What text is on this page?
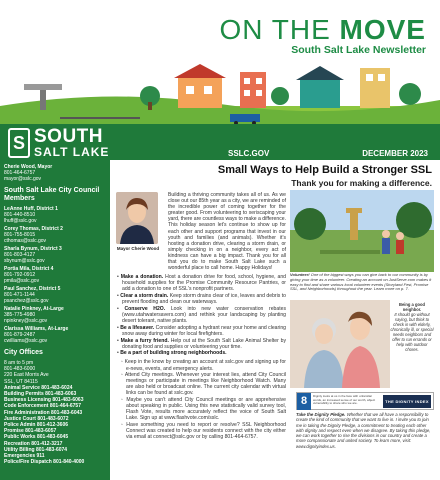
ON THE MOVE
South Salt Lake Newsletter
S SOUTH
SALT LAKE	SSLC.GOV	DECEMBER 2023
Cherie Wood, Mayor
801-464-6757
mayor@sslc.gov
South Salt Lake City Council Members
LeAnne Huff, District 1
801-440-8510
lhuff@sslc.gov
Corey Thomas, District 2
801-755-8015
cthomas@sslc.gov
Sharla Bynum, District 3
801-803-4127
sbynum@sslc.gov
Portia Mila, District 4
801-792-0912
pmila@sslc.gov
Paul Sanchez, District 5
801-471-1144
psanchez@sslc.gov
Natalie Pinkney, At-Large
385-775-4980
npinkney@sslc.gov
Clarissa Williams, At-Large
801-879-2487
cwilliams@sslc.gov
City Offices
8 am to 5 pm
801-483-6000
220 East Morris Ave
SSL, UT 84115
Animal Service 801-483-6024
Building Permits 801-483-6063
Business Licensing 801-483-6063
Code Enforcement 801-464-6757
Fire Administration 801-483-6043
Justice Court 801-483-6072
Police Admin 801-412-3606
Promise 801-483-6057
Public Works 801-483-6045
Recreation 801-412-3217
Utility Billing 801-483-6074
Emergencies 911
Police/Fire Dispatch 801-840-4000
Small Ways to Help Build a Stronger SSL
Thank you for making a difference.
Mayor Cherie Wood
Building a thriving community takes all of us. As we close out our 85th year as a city, we are reminded of the incredible power of coming together for the greater good. From volunteering to xeriscaping your yard, there are countless ways to make a difference. This holiday season let's continue to show up for each other and support programs that invest in our youth and families (and animals). Whether it's hosting a donation drive, clearing a storm drain, or simply checking in on a neighbor, every act of kindness can have a big impact. Thank you for all that you do to make South Salt Lake such a wonderful place to call home. Happy Holidays!
• Make a donation. Host a donation drive for food, school, hygiene, and household supplies for the Promise Community Resource Pantries, or add a donation to one of SSL's nonprofit partners.
• Clear a storm drain. Keep storm drains clear of ice, leaves and debris to prevent flooding and clean our waterways.
• Conserve H2O. Look into new water conservation rebates (www.utahwatersavers.com) and rethink your landscaping by planting desert tolerant, native plants.
• Be a lifesaver. Consider adopting a hydrant near your home and clearing snow away during winter for local firefighters.
• Make a furry friend. Help out at the South Salt Lake Animal Shelter by donating food and supplies or volunteering your time.
• Be a part of building strong neighborhoods.
◦ Keep in the know by creating an account at sslc.gov and signing up for e-news, events, and emergency alerts.
◦ Attend City meetings. Whenever your interest lies, attend City Council meetings or participate in meetings like Neighborhood Watch. Many are also held or broadcast online. The current city calendar with virtual links can be found at sslc.gov.
◦ Maybe you can't attend City Council meetings or are apprehensive about speaking in public. Using this new statistically valid survey tool, Flash Vote, results more accurately reflect the voice of South Salt Lake. Sign up at www.flashvote.com/sslc.
◦ Have something you need to report or resolve? SSL Neighborhood Connect was created to help our residents connect with the city either via email at connect@sslc.gov or by calling 801-464-6757.
Volunteer! One of the biggest ways you can give back to our community is by giving your time as a volunteer. Creating an account on JustServe.com makes it easy to find and share various local volunteer events (Storyland Fest, Promise SSL, and Neighborhoods) throughout the year. Learn more on p. 7.
Being a good neighbor.
It should go without saying, but think to check in with elderly, chronically ill, or special needs neighbors and offer to run errands or help with outdoor chores.
8	Dignity looks at us in the face with unfamiliar words, an increased sense of our worth, abject vulnerability to share who we are.	THE DIGNITY INDEX
Take the Dignity Pledge. Whether that we all have a responsibility to create the kind of community that we want to live in. I invite you to join me in taking the Dignity Pledge, a commitment to treating each other with dignity and respect even when we disagree. By taking this pledge, we can work together to rise the divisions in our country and create a more compassionate and united society. To learn more, visit: www.dignityindex.us.
